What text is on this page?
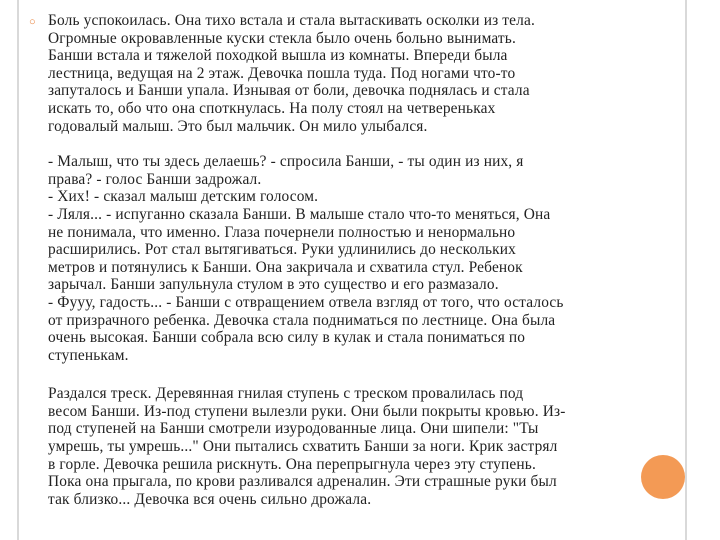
○ Боль успокоилась. Она тихо встала и стала вытаскивать осколки из тела.
Огромные окровавленные куски стекла было очень больно вынимать.
Банши встала и тяжелой походкой вышла из комнаты. Впереди была
лестница, ведущая на 2 этаж. Девочка пошла туда. Под ногами что-то
запуталось и Банши упала. Изнывая от боли, девочка поднялась и стала
искать то, обо что она споткнулась. На полу стоял на четвереньках
годовалый малыш. Это был мальчик. Он мило улыбался.

- Малыш, что ты здесь делаешь? - спросила Банши, - ты один из них, я
права? - голос Банши задрожал.
- Хих! - сказал малыш детским голосом.
- Ляля... - испуганно сказала Банши. В малыше стало что-то меняться, Она
не понимала, что именно. Глаза почернели полностью и ненормально
расширились. Рот стал вытягиваться. Руки удлинились до нескольких
метров и потянулись к Банши. Она закричала и схватила стул. Ребенок
зарычал. Банши запульнула стулом в это существо и его размазало.
- Фууу, гадость... - Банши с отвращением отвела взгляд от того, что осталось
от призрачного ребенка. Девочка стала подниматься по лестнице. Она была
очень высокая. Банши собрала всю силу в кулак и стала пониматься по
ступенькам.

Раздался треск. Деревянная гнилая ступень с треском провалилась под
весом Банши. Из-под ступени вылезли руки. Они были покрыты кровью. Из-
под ступеней на Банши смотрели изуродованные лица. Они шипели: "Ты
умрешь, ты умрешь..." Они пытались схватить Банши за ноги. Крик застрял
в горле. Девочка решила рискнуть. Она перепрыгнула через эту ступень.
Пока она прыгала, по крови разливался адреналин. Эти страшные руки был
так близко... Девочка вся очень сильно дрожала.
